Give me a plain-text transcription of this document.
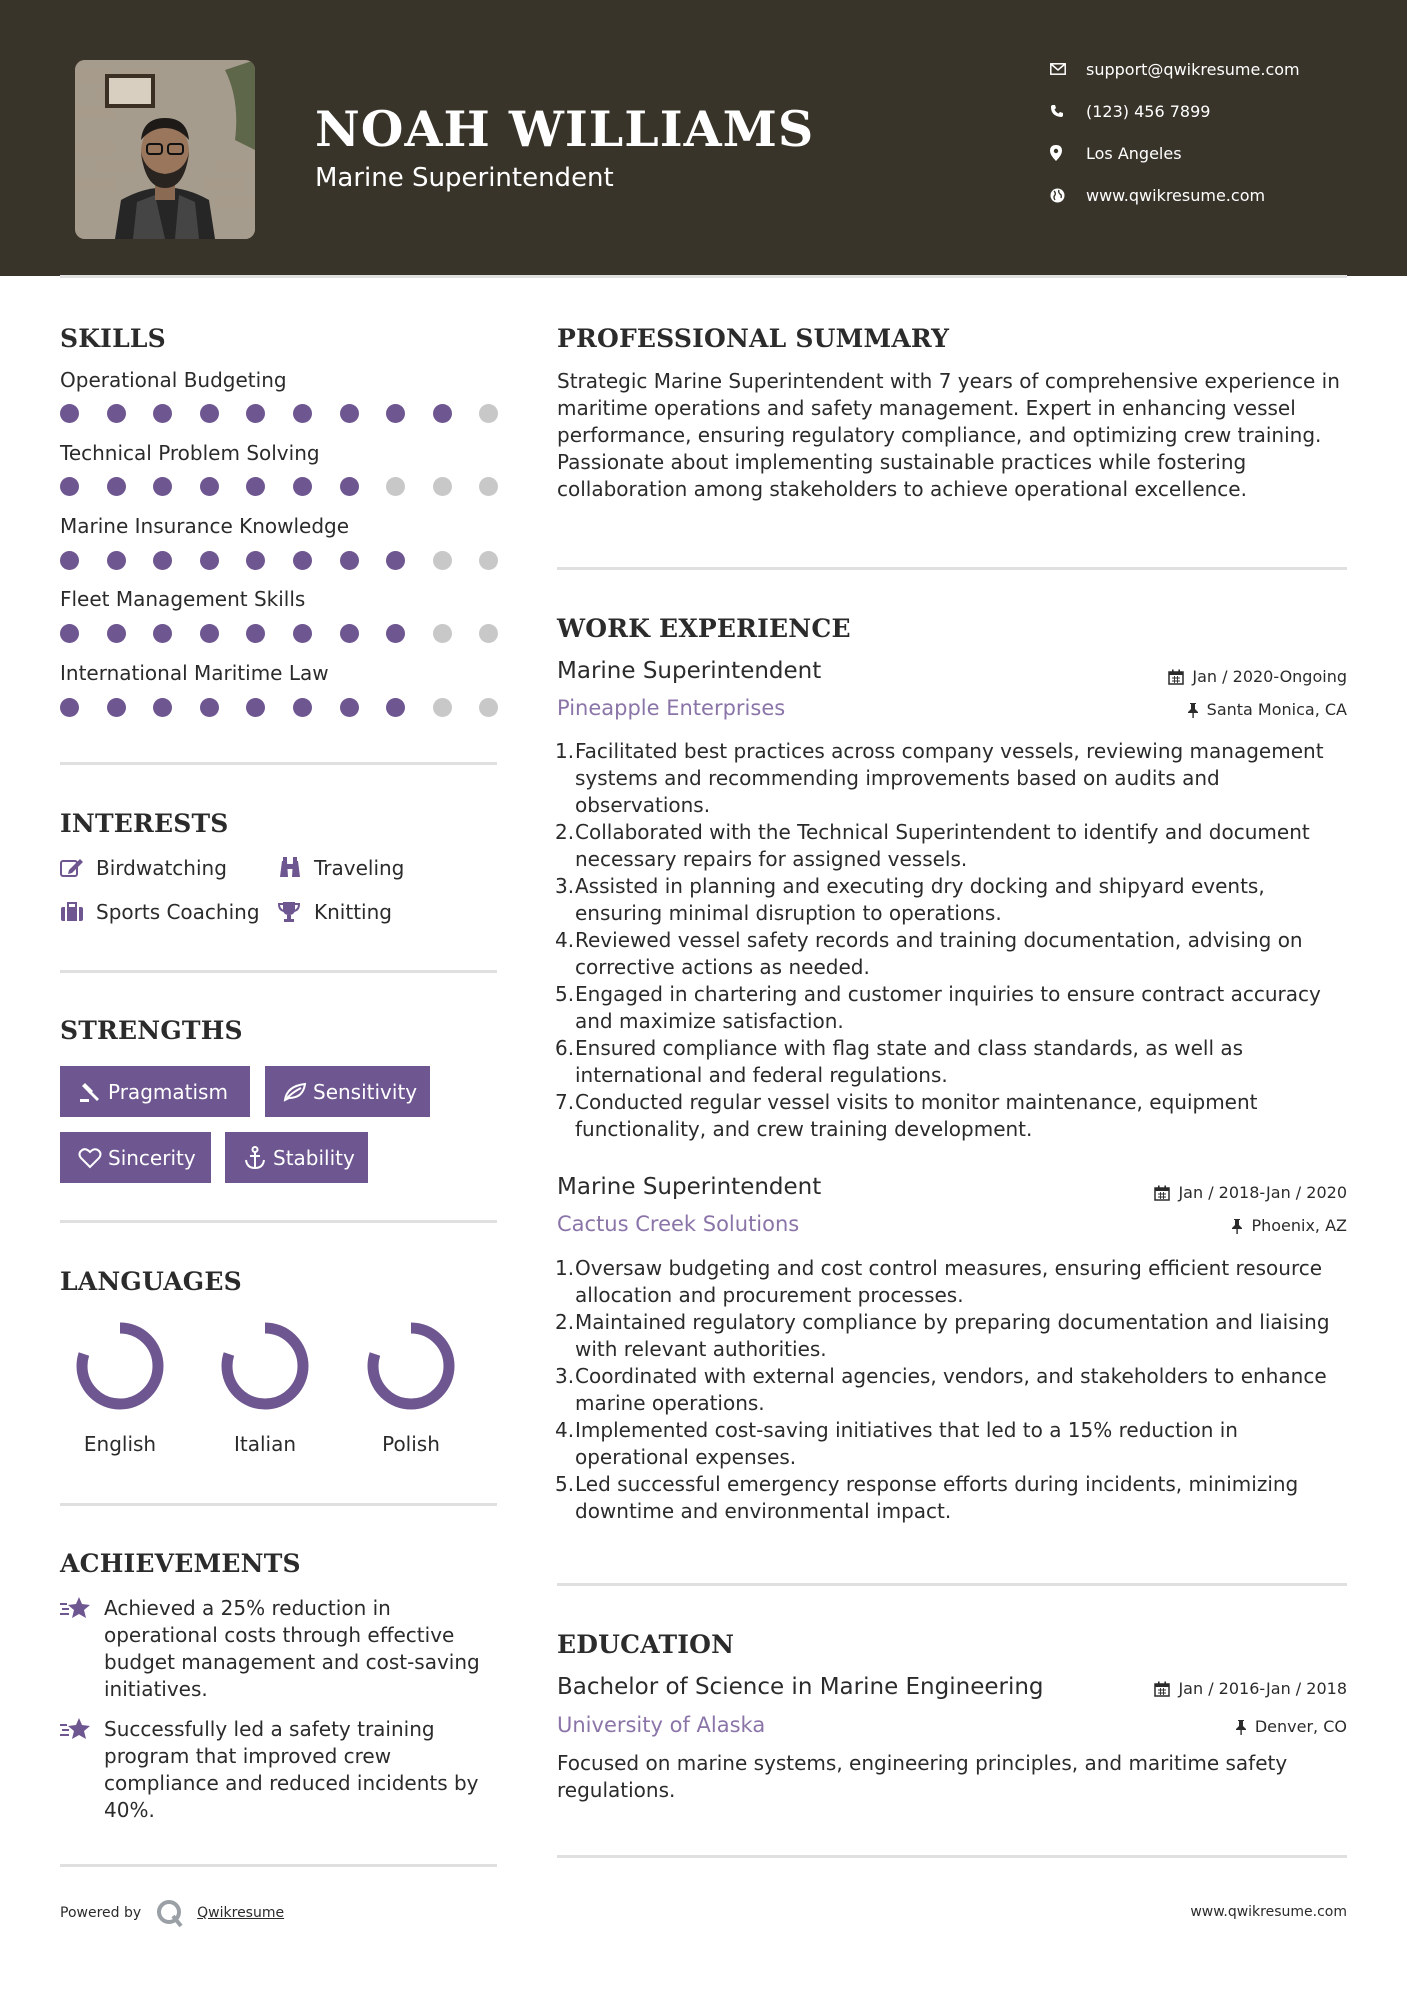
NOAH WILLIAMS
Marine Superintendent
support@qwikresume.com
(123) 456 7899
Los Angeles
www.qwikresume.com
SKILLS
Operational Budgeting
Technical Problem Solving
Marine Insurance Knowledge
Fleet Management Skills
International Maritime Law
INTERESTS
Birdwatching	Traveling
Sports Coaching	Knitting
STRENGTHS
Pragmatism	Sensitivity
Sincerity	Stability
LANGUAGES
English	Italian	Polish
ACHIEVEMENTS
Achieved a 25% reduction in operational costs through effective budget management and cost-saving initiatives.
Successfully led a safety training program that improved crew compliance and reduced incidents by 40%.
PROFESSIONAL SUMMARY
Strategic Marine Superintendent with 7 years of comprehensive experience in maritime operations and safety management. Expert in enhancing vessel performance, ensuring regulatory compliance, and optimizing crew training. Passionate about implementing sustainable practices while fostering collaboration among stakeholders to achieve operational excellence.
WORK EXPERIENCE
Marine Superintendent	Jan / 2020-Ongoing
Pineapple Enterprises	Santa Monica, CA
1. Facilitated best practices across company vessels, reviewing management systems and recommending improvements based on audits and observations.
2. Collaborated with the Technical Superintendent to identify and document necessary repairs for assigned vessels.
3. Assisted in planning and executing dry docking and shipyard events, ensuring minimal disruption to operations.
4. Reviewed vessel safety records and training documentation, advising on corrective actions as needed.
5. Engaged in chartering and customer inquiries to ensure contract accuracy and maximize satisfaction.
6. Ensured compliance with flag state and class standards, as well as international and federal regulations.
7. Conducted regular vessel visits to monitor maintenance, equipment functionality, and crew training development.
Marine Superintendent	Jan / 2018-Jan / 2020
Cactus Creek Solutions	Phoenix, AZ
1. Oversaw budgeting and cost control measures, ensuring efficient resource allocation and procurement processes.
2. Maintained regulatory compliance by preparing documentation and liaising with relevant authorities.
3. Coordinated with external agencies, vendors, and stakeholders to enhance marine operations.
4. Implemented cost-saving initiatives that led to a 15% reduction in operational expenses.
5. Led successful emergency response efforts during incidents, minimizing downtime and environmental impact.
EDUCATION
Bachelor of Science in Marine Engineering	Jan / 2016-Jan / 2018
University of Alaska	Denver, CO
Focused on marine systems, engineering principles, and maritime safety regulations.
Powered by	Qwikresume	www.qwikresume.com
